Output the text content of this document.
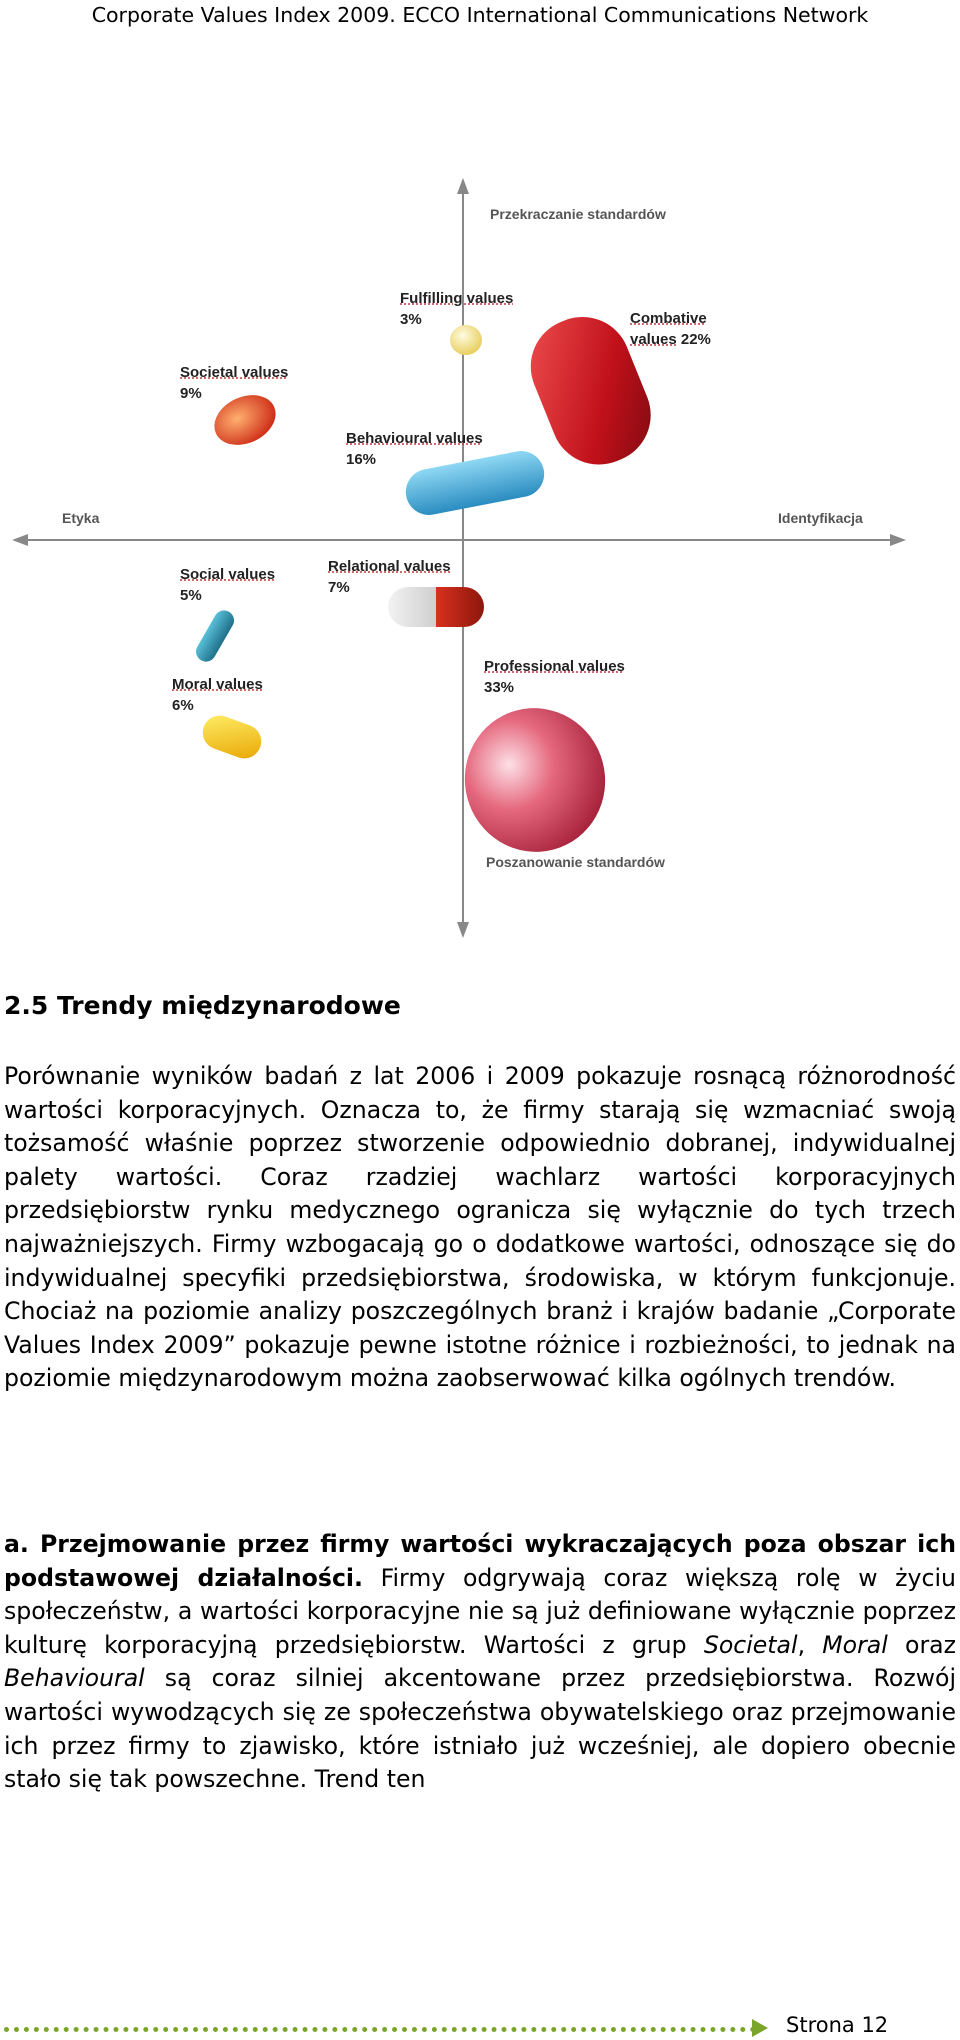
Corporate Values Index 2009. ECCO International Communications Network
Przekraczanie standardów
Poszanowanie standardów
Etyka	Identyfikacja
Fulfilling values
3%	Combative
values 22%
Societal values
9%
Behavioural values
16%
Social values
5%
Relational values
7%
Moral values
6%
Professional values
33%
2.5 Trendy międzynarodowe

Porównanie wyników badań z lat 2006 i 2009 pokazuje rosnącą różnorodność wartości korporacyjnych. Oznacza to, że firmy starają się wzmacniać swoją tożsamość właśnie poprzez stworzenie odpowiednio dobranej, indywidualnej palety wartości. Coraz rzadziej wachlarz wartości korporacyjnych przedsiębiorstw rynku medycznego ogranicza się wyłącznie do tych trzech najważniejszych. Firmy wzbogacają go o dodatkowe wartości, odnoszące się do indywidualnej specyfiki przedsiębiorstwa, środowiska, w którym funkcjonuje. Chociaż na poziomie analizy poszczególnych branż i krajów badanie „Corporate Values Index 2009” pokazuje pewne istotne różnice i rozbieżności, to jednak na poziomie międzynarodowym można zaobserwować kilka ogólnych trendów.

a. Przejmowanie przez firmy wartości wykraczających poza obszar ich podstawowej działalności. Firmy odgrywają coraz większą rolę w życiu społeczeństw, a wartości korporacyjne nie są już definiowane wyłącznie poprzez kulturę korporacyjną przedsiębiorstw. Wartości z grup Societal, Moral oraz Behavioural są coraz silniej akcentowane przez przedsiębiorstwa. Rozwój wartości wywodzących się ze społeczeństwa obywatelskiego oraz przejmowanie ich przez firmy to zjawisko, które istniało już wcześniej, ale dopiero obecnie stało się tak powszechne. Trend ten

Strona 12
